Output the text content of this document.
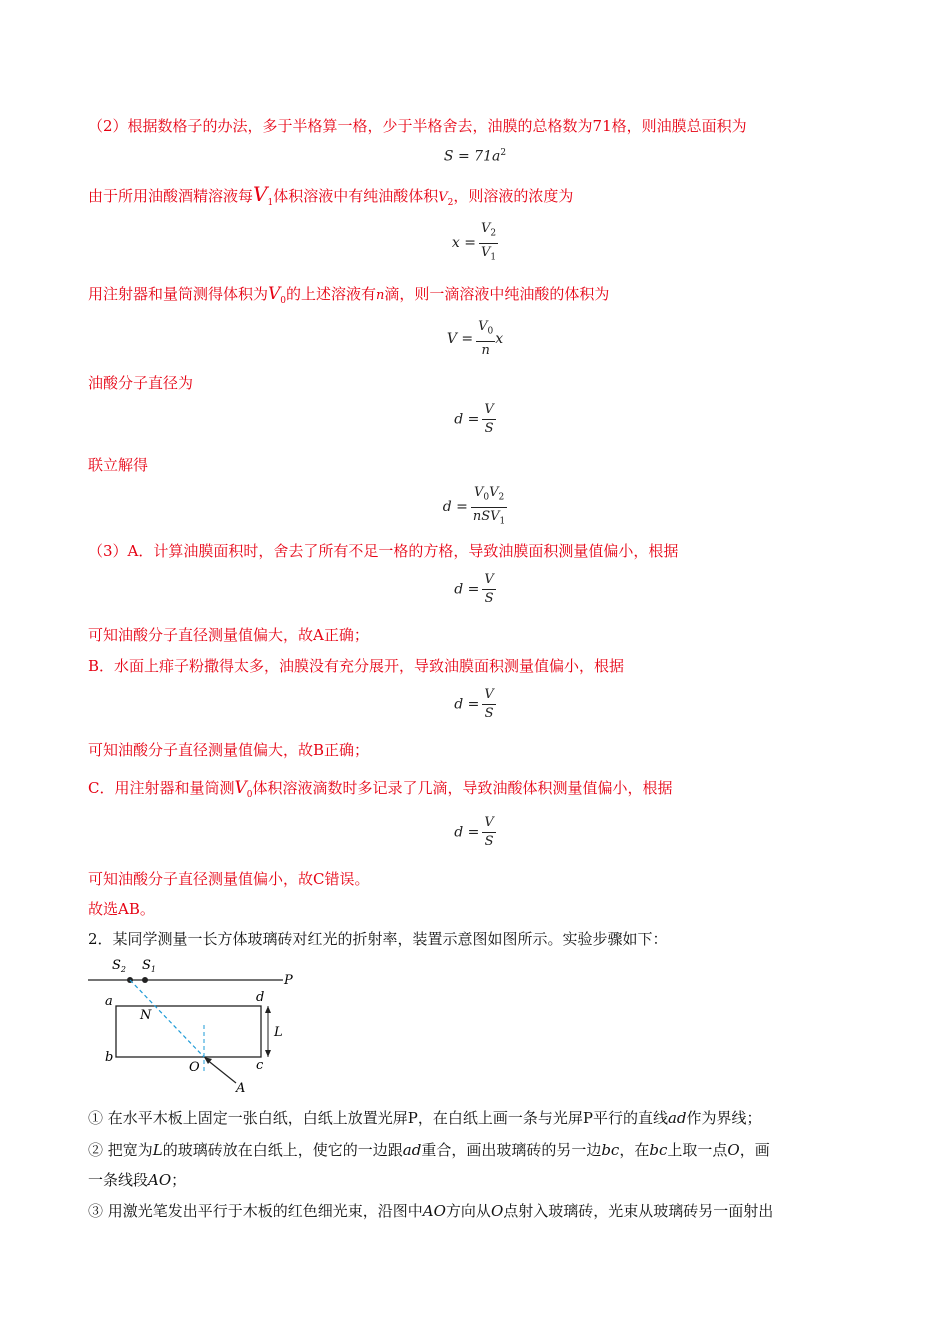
（2）根据数格子的办法，多于半格算一格，少于半格舍去，油膜的总格数为71格，则油膜总面积为
$S = 71a^2$
由于所用油酸酒精溶液每$V_1$体积溶液中有纯油酸体积$V_2$，则溶液的浓度为
$x = \frac{V_2}{V_1}$
用注射器和量筒测得体积为$V_0$的上述溶液有n滴，则一滴溶液中纯油酸的体积为
$V = \frac{V_0}{n}$ x
油酸分子直径为
$d = \frac{V}{S}$
联立解得
$d = \frac{V_0V_2}{nSV_1}$
（3）A．计算油膜面积时，舍去了所有不足一格的方格，导致油膜面积测量值偏小，根据
$d = \frac{V}{S}$
可知油酸分子直径测量值偏大，故A正确；
B．水面上痱子粉撒得太多，油膜没有充分展开，导致油膜面积测量值偏小，根据
$d = \frac{V}{S}$
可知油酸分子直径测量值偏大，故B正确；
C．用注射器和量筒测$V_0$体积溶液滴数时多记录了几滴，导致油酸体积测量值偏小，根据
$d = \frac{V}{S}$
可知油酸分子直径测量值偏小，故C错误。
故选AB。
2．某同学测量一长方体玻璃砖对红光的折射率，装置示意图如图所示。实验步骤如下：
$S_2$ $S_1$
P
a	d
b
c
N
O
A
L
① 在水平木板上固定一张白纸，白纸上放置光屏P，在白纸上画一条与光屏P平行的直线ad作为界线；
② 把宽为L的玻璃砖放在白纸上，使它的一边跟ad重合，画出玻璃砖的另一边bc，在bc上取一点O，画
一条线段AO；
③ 用激光笔发出平行于木板的红色细光束，沿图中AO方向从O点射入玻璃砖，光束从玻璃砖另一面射出
